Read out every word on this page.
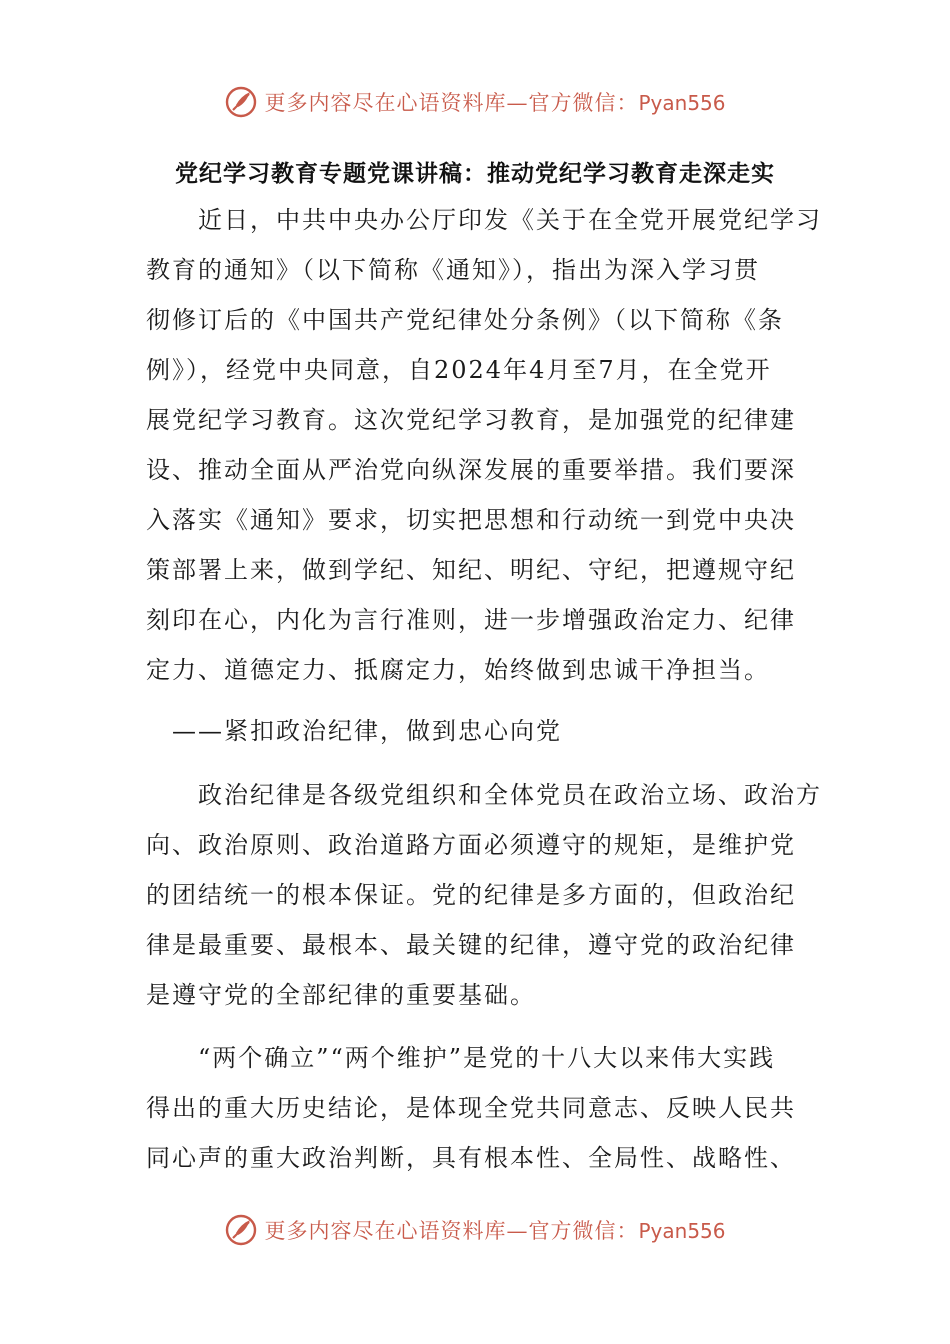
更多内容尽在心语资料库—官方微信：Pyan556
党纪学习教育专题党课讲稿：推动党纪学习教育走深走实
　　近日，中共中央办公厅印发《关于在全党开展党纪学习
教育的通知》（以下简称《通知》），指出为深入学习贯
彻修订后的《中国共产党纪律处分条例》（以下简称《条
例》），经党中央同意，自2024年4月至7月，在全党开
展党纪学习教育。这次党纪学习教育，是加强党的纪律建
设、推动全面从严治党向纵深发展的重要举措。我们要深
入落实《通知》要求，切实把思想和行动统一到党中央决
策部署上来，做到学纪、知纪、明纪、守纪，把遵规守纪
刻印在心，内化为言行准则，进一步增强政治定力、纪律
定力、道德定力、抵腐定力，始终做到忠诚干净担当。
　——紧扣政治纪律，做到忠心向党
　　政治纪律是各级党组织和全体党员在政治立场、政治方
向、政治原则、政治道路方面必须遵守的规矩，是维护党
的团结统一的根本保证。党的纪律是多方面的，但政治纪
律是最重要、最根本、最关键的纪律，遵守党的政治纪律
是遵守党的全部纪律的重要基础。
　　“两个确立”“两个维护”是党的十八大以来伟大实践
得出的重大历史结论，是体现全党共同意志、反映人民共
同心声的重大政治判断，具有根本性、全局性、战略性、
更多内容尽在心语资料库—官方微信：Pyan556
